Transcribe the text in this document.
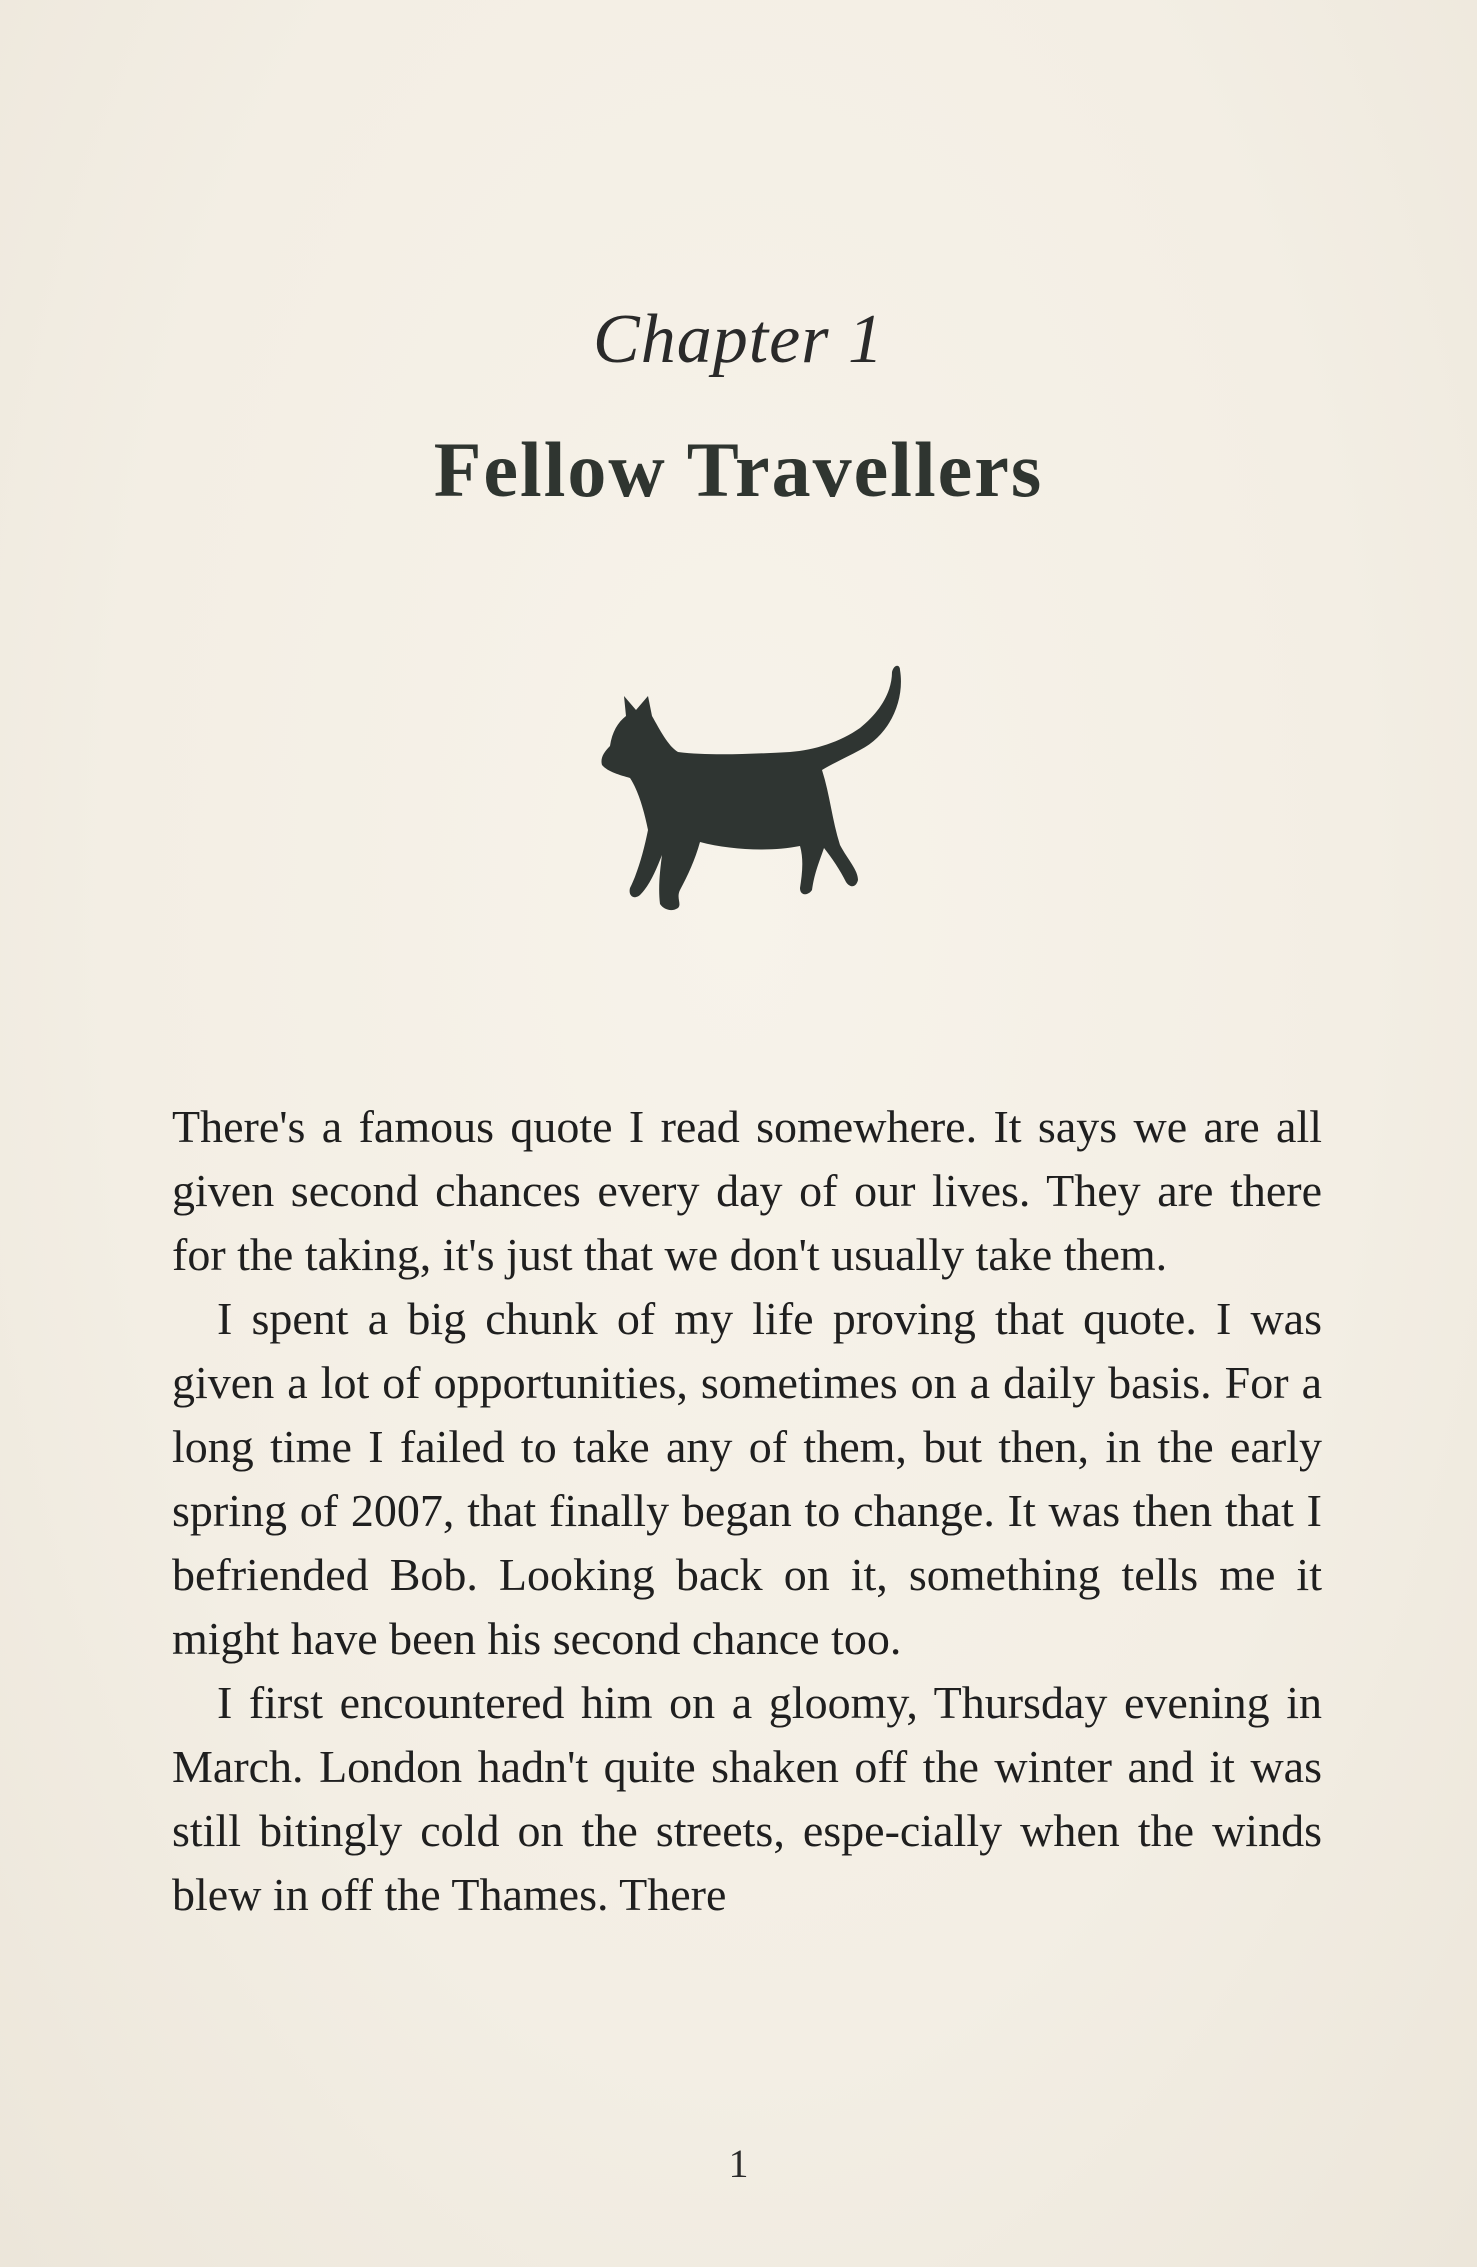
Chapter 1
Fellow Travellers

There's a famous quote I read somewhere. It says we are all given second chances every day of our lives. They are there for the taking, it's just that we don't usually take them.

I spent a big chunk of my life proving that quote. I was given a lot of opportunities, sometimes on a daily basis. For a long time I failed to take any of them, but then, in the early spring of 2007, that finally began to change. It was then that I befriended Bob. Looking back on it, something tells me it might have been his second chance too.

I first encountered him on a gloomy, Thursday evening in March. London hadn't quite shaken off the winter and it was still bitingly cold on the streets, espe-cially when the winds blew in off the Thames. There

1
